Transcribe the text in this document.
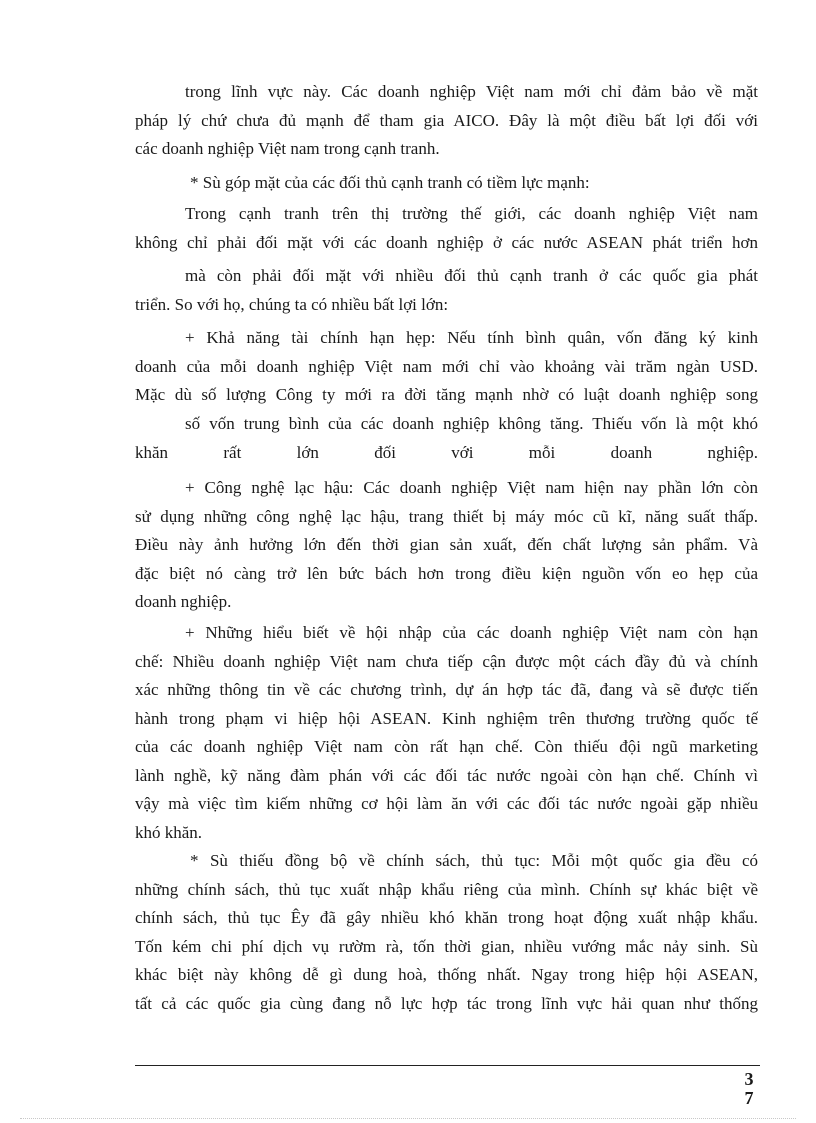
trong lĩnh vực này. Các doanh nghiệp Việt nam mới chỉ đảm bảo về mặt
pháp lý chứ chưa đủ mạnh để tham gia AICO. Đây là một điều bất lợi đối với
các doanh nghiệp Việt nam trong cạnh tranh.
* Sù góp mặt của các đối thủ cạnh tranh có tiềm lực mạnh:
Trong cạnh tranh trên thị trường thế giới, các doanh nghiệp Việt nam
không chỉ phải đối mặt với các doanh nghiệp ở các nước ASEAN phát triển hơn
mà còn phải đối mặt với nhiều đối thủ cạnh tranh ở các quốc gia phát
triển. So với họ, chúng ta có nhiều bất lợi lớn:
+ Khả năng tài chính hạn hẹp: Nếu tính bình quân, vốn đăng ký kinh
doanh của mỗi doanh nghiệp Việt nam mới chỉ vào khoảng vài trăm ngàn USD.
Mặc dù số lượng Công ty mới ra đời tăng mạnh nhờ có luật doanh nghiệp song
số vốn trung bình của các doanh nghiệp không tăng. Thiếu vốn là một khó
khăn rất lớn đối với mỗi doanh nghiệp.
+ Công nghệ lạc hậu: Các doanh nghiệp Việt nam hiện nay phần lớn còn
sử dụng những công nghệ lạc hậu, trang thiết bị máy móc cũ kĩ, năng suất thấp.
Điều này ảnh hưởng lớn đến thời gian sản xuất, đến chất lượng sản phẩm. Và
đặc biệt nó càng trở lên bức bách hơn trong điều kiện nguồn vốn eo hẹp của
doanh nghiệp.
+ Những hiểu biết về hội nhập của các doanh nghiệp Việt nam còn hạn
chế: Nhiều doanh nghiệp Việt nam chưa tiếp cận được một cách đầy đủ và chính
xác những thông tin về các chương trình, dự án hợp tác đã, đang và sẽ được tiến
hành trong phạm vi hiệp hội ASEAN. Kinh nghiệm trên thương trường quốc tế
của các doanh nghiệp Việt nam còn rất hạn chế. Còn thiếu đội ngũ marketing
lành nghề, kỹ năng đàm phán với các đối tác nước ngoài còn hạn chế. Chính vì
vậy mà việc tìm kiếm những cơ hội làm ăn với các đối tác nước ngoài gặp nhiều
khó khăn.
* Sù thiếu đồng bộ về chính sách, thủ tục: Mỗi một quốc gia đều có
những chính sách, thủ tục xuất nhập khẩu riêng của mình. Chính sự khác biệt về
chính sách, thủ tục Êy đã gây nhiều khó khăn trong hoạt động xuất nhập khẩu.
Tốn kém chi phí dịch vụ rườm rà, tốn thời gian, nhiều vướng mắc nảy sinh. Sù
khác biệt này không dễ gì dung hoà, thống nhất. Ngay trong hiệp hội ASEAN,
tất cả các quốc gia cùng đang nỗ lực hợp tác trong lĩnh vực hải quan như thống
3
7
